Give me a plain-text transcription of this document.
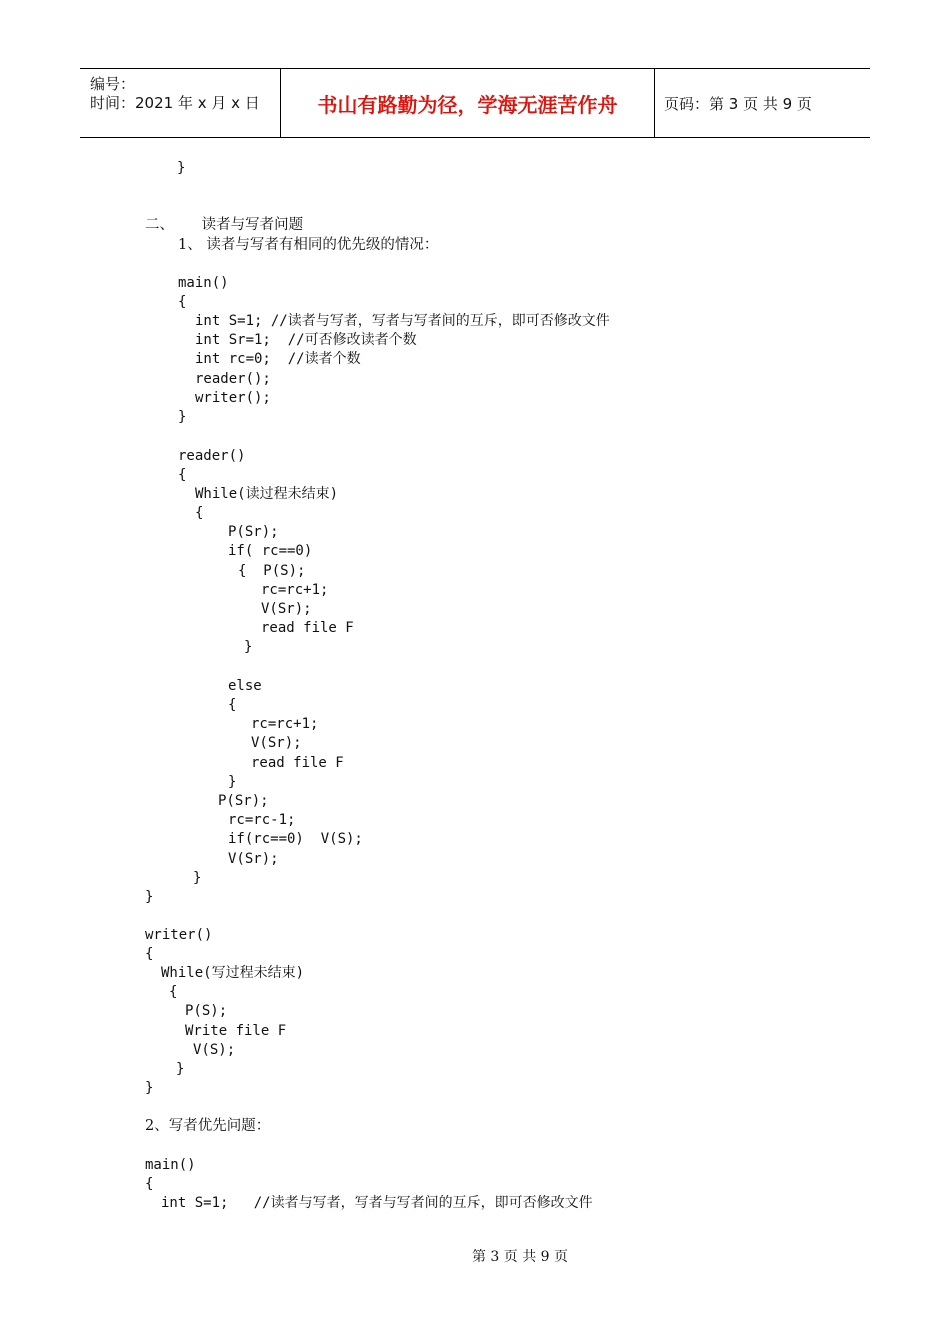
编号：
时间：2021 年 x 月 x 日	书山有路勤为径，学海无涯苦作舟	页码：第 3 页 共 9 页
}
二、      读者与写者问题
1、 读者与写者有相同的优先级的情况：
main()
{
int S=1; //读者与写者，写者与写者间的互斥，即可否修改文件
int Sr=1;  //可否修改读者个数
int rc=0;  //读者个数
reader();
writer();
}
reader()
{
While(读过程未结束)
{
P(Sr);
if( rc==0)
{  P(S);
rc=rc+1;
V(Sr);
read file F
}
else
{
rc=rc+1;
V(Sr);
read file F
}
P(Sr);
rc=rc-1;
if(rc==0)  V(S);
V(Sr);
}
}
writer()
{
While(写过程未结束)
{
P(S);
Write file F
V(S);
}
}
2、写者优先问题：
main()
{
int S=1;   //读者与写者，写者与写者间的互斥，即可否修改文件
第 3 页 共 9 页
